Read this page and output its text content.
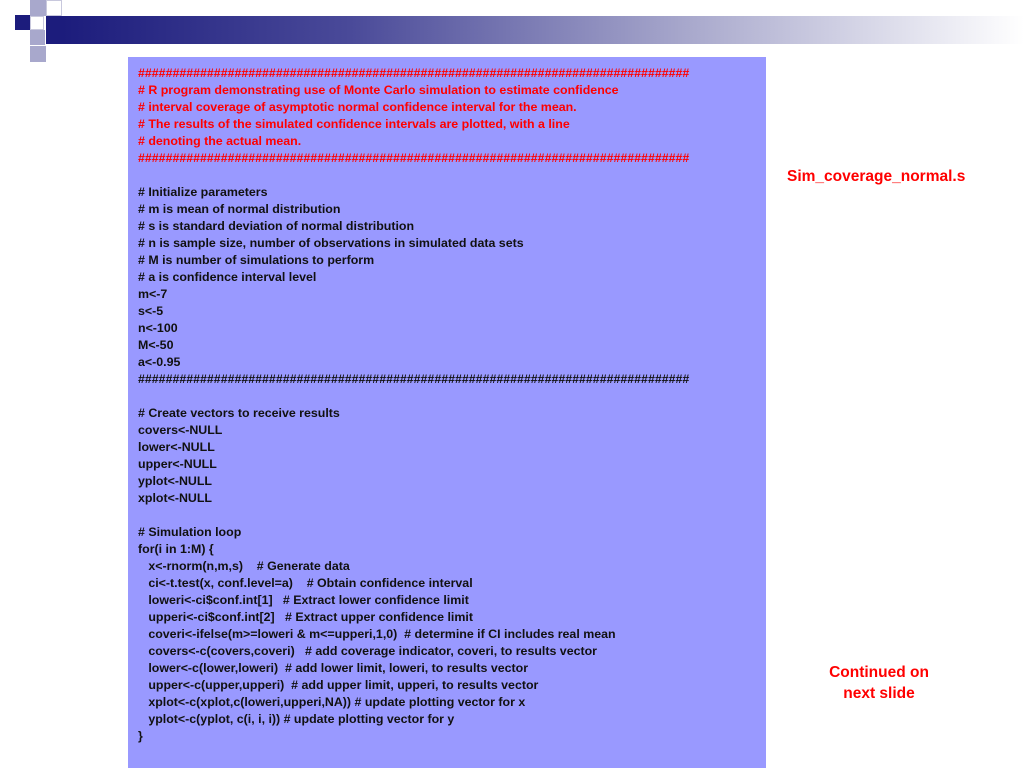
################################################################################
# R program demonstrating use of Monte Carlo simulation to estimate confidence
# interval coverage of asymptotic normal confidence interval for the mean.
# The results of the simulated confidence intervals are plotted, with a line
# denoting the actual mean.
################################################################################
# Initialize parameters
# m is mean of normal distribution
# s is standard deviation of normal distribution
# n is sample size, number of observations in simulated data sets
# M is number of simulations to perform
# a is confidence interval level
m<-7
s<-5
n<-100
M<-50
a<-0.95
################################################################################
# Create vectors to receive results
covers<-NULL
lower<-NULL
upper<-NULL
yplot<-NULL
xplot<-NULL
# Simulation loop
for(i in 1:M) {
x<-rnorm(n,m,s)    # Generate data
ci<-t.test(x, conf.level=a)    # Obtain confidence interval
loweri<-ci$conf.int[1]   # Extract lower confidence limit
upperi<-ci$conf.int[2]   # Extract upper confidence limit
coveri<-ifelse(m>=loweri & m<=upperi,1,0)  # determine if CI includes real mean
covers<-c(covers,coveri)   # add coverage indicator, coveri, to results vector
lower<-c(lower,loweri)  # add lower limit, loweri, to results vector
upper<-c(upper,upperi)  # add upper limit, upperi, to results vector
xplot<-c(xplot,c(loweri,upperi,NA)) # update plotting vector for x
yplot<-c(yplot, c(i, i, i)) # update plotting vector for y
}
Sim_coverage_normal.s
Continued on
next slide
